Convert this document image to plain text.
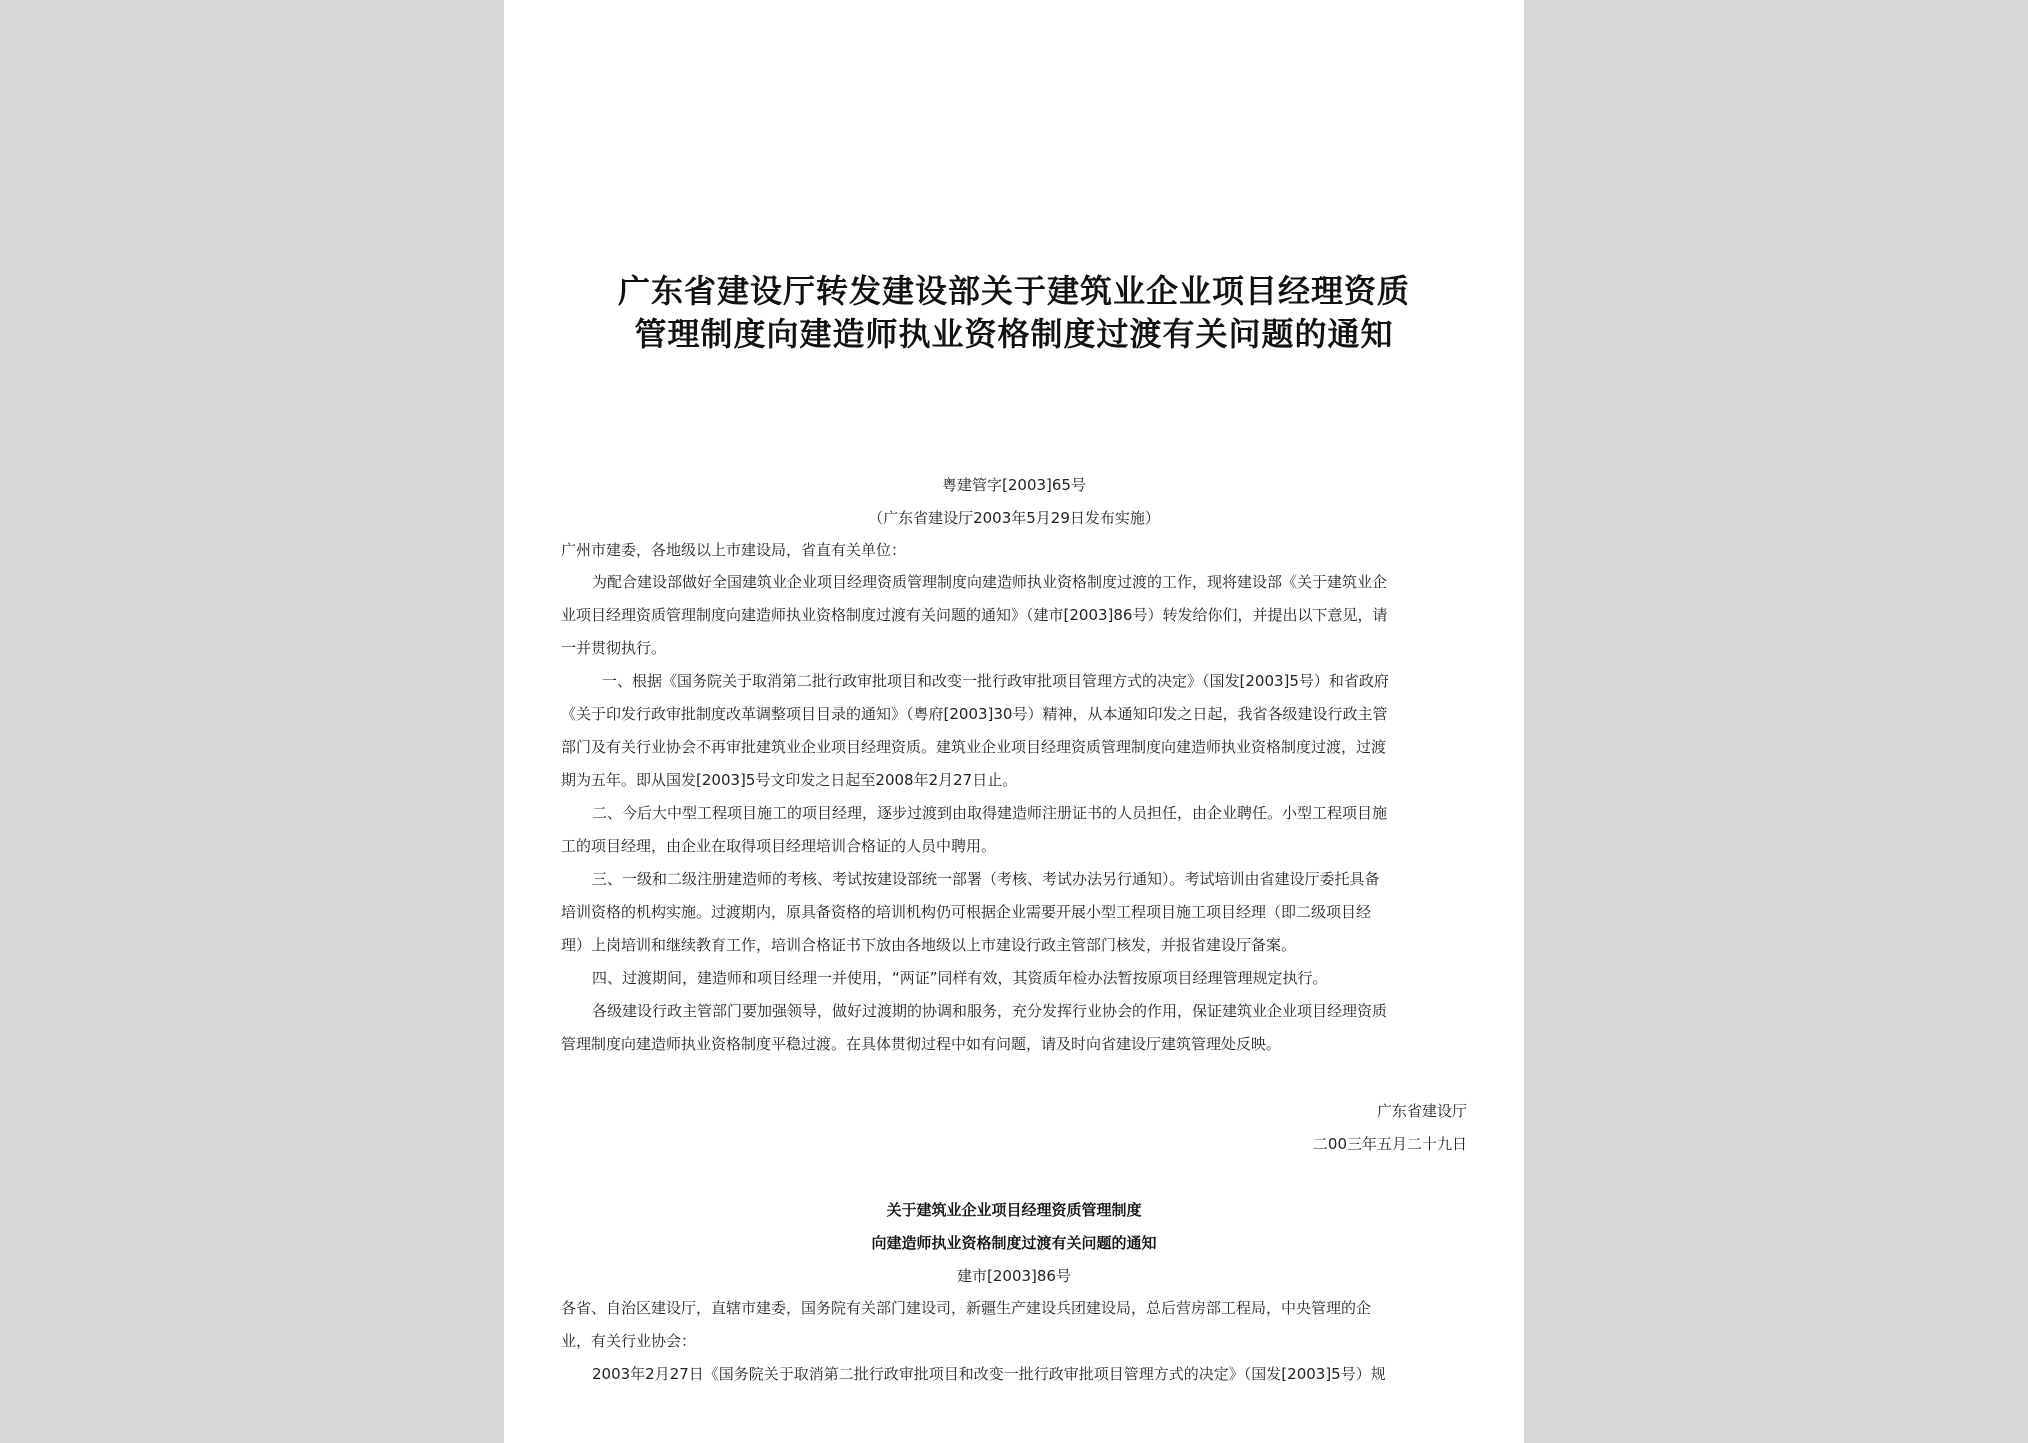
广东省建设厅转发建设部关于建筑业企业项目经理资质
管理制度向建造师执业资格制度过渡有关问题的通知
粤建管字[2003]65号
（广东省建设厅2003年5月29日发布实施）
广州市建委，各地级以上市建设局，省直有关单位：
为配合建设部做好全国建筑业企业项目经理资质管理制度向建造师执业资格制度过渡的工作，现将建设部《关于建筑业企
业项目经理资质管理制度向建造师执业资格制度过渡有关问题的通知》（建市[2003]86号）转发给你们，并提出以下意见，请
一并贯彻执行。
一、根据《国务院关于取消第二批行政审批项目和改变一批行政审批项目管理方式的决定》（国发[2003]5号）和省政府
《关于印发行政审批制度改革调整项目目录的通知》（粤府[2003]30号）精神，从本通知印发之日起，我省各级建设行政主管
部门及有关行业协会不再审批建筑业企业项目经理资质。建筑业企业项目经理资质管理制度向建造师执业资格制度过渡，过渡
期为五年。即从国发[2003]5号文印发之日起至2008年2月27日止。
二、今后大中型工程项目施工的项目经理，逐步过渡到由取得建造师注册证书的人员担任，由企业聘任。小型工程项目施
工的项目经理，由企业在取得项目经理培训合格证的人员中聘用。
三、一级和二级注册建造师的考核、考试按建设部统一部署（考核、考试办法另行通知）。考试培训由省建设厅委托具备
培训资格的机构实施。过渡期内，原具备资格的培训机构仍可根据企业需要开展小型工程项目施工项目经理（即二级项目经
理）上岗培训和继续教育工作，培训合格证书下放由各地级以上市建设行政主管部门核发，并报省建设厅备案。
四、过渡期间，建造师和项目经理一并使用，“两证”同样有效，其资质年检办法暂按原项目经理管理规定执行。
各级建设行政主管部门要加强领导，做好过渡期的协调和服务，充分发挥行业协会的作用，保证建筑业企业项目经理资质
管理制度向建造师执业资格制度平稳过渡。在具体贯彻过程中如有问题，请及时向省建设厅建筑管理处反映。
广东省建设厅
二00三年五月二十九日
关于建筑业企业项目经理资质管理制度
向建造师执业资格制度过渡有关问题的通知
建市[2003]86号
各省、自治区建设厅，直辖市建委，国务院有关部门建设司，新疆生产建设兵团建设局，总后营房部工程局，中央管理的企
业，有关行业协会：
2003年2月27日《国务院关于取消第二批行政审批项目和改变一批行政审批项目管理方式的决定》（国发[2003]5号）规
